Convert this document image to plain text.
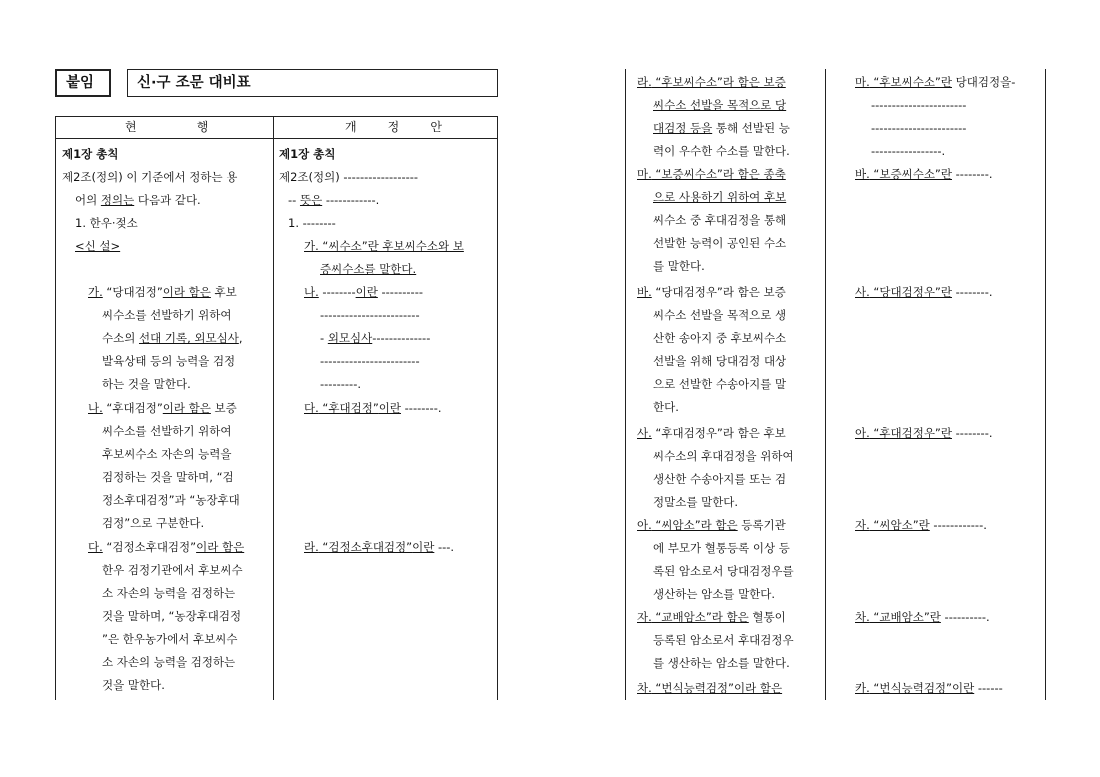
붙임	신·구 조문 대비표
현          행	개     정     안
제1장 총칙
제2조(정의) 이 기준에서 정하는 용
어의 정의는 다음과 같다.
1. 한우·젖소
<신 설>
가. “당대검정”이라 함은 후보
씨수소를 선발하기 위하여
수소의 선대 기록, 외모심사,
발육상태 등의 능력을 검정
하는 것을 말한다.
나. “후대검정”이라 함은 보증
씨수소를 선발하기 위하여
후보씨수소 자손의 능력을
검정하는 것을 말하며, “검
정소후대검정”과 “농장후대
검정”으로 구분한다.
다. “검정소후대검정”이라 함은
한우 검정기관에서 후보씨수
소 자손의 능력을 검정하는
것을 말하며, “농장후대검정
”은 한우농가에서 후보씨수
소 자손의 능력을 검정하는
것을 말한다.
제1장 총칙
제2조(정의) ------------------
-- 뜻은 ------------.
1. --------
가. “씨수소”란 후보씨수소와 보
증씨수소를 말한다.
나. --------이란 ----------
------------------------
- 외모심사--------------
------------------------
---------.
다. “후대검정”이란 --------.
라. “검정소후대검정”이란 ---.
라. “후보씨수소”라 함은 보증
씨수소 선발을 목적으로 당
대검정 등을 통해 선발된 능
력이 우수한 수소를 말한다.
마. “보증씨수소”라 함은 종축
으로 사용하기 위하여 후보
씨수소 중 후대검정을 통해
선발한 능력이 공인된 수소
를 말한다.
바. “당대검정우”라 함은 보증
씨수소 선발을 목적으로 생
산한 송아지 중 후보씨수소
선발을 위해 당대검정 대상
으로 선발한 수송아지를 말
한다.
사. “후대검정우”라 함은 후보
씨수소의 후대검정을 위하여
생산한 수송아지를 또는 검
정말소를 말한다.
아. “씨암소”라 함은 등록기관
에 부모가 혈통등록 이상 등
록된 암소로서 당대검정우를
생산하는 암소를 말한다.
자. “교배암소”라 함은 혈통이
등록된 암소로서 후대검정우
를 생산하는 암소를 말한다.
차. “번식능력검정”이라 함은
마. “후보씨수소”란 당대검정을-
-----------------------
-----------------------
-----------------.
바. “보증씨수소”란 --------.
사. “당대검정우”란 --------.
아. “후대검정우”란 --------.
자. “씨암소”란 ------------.
차. “교배암소”란 ----------.
카. “번식능력검정”이란 ------
